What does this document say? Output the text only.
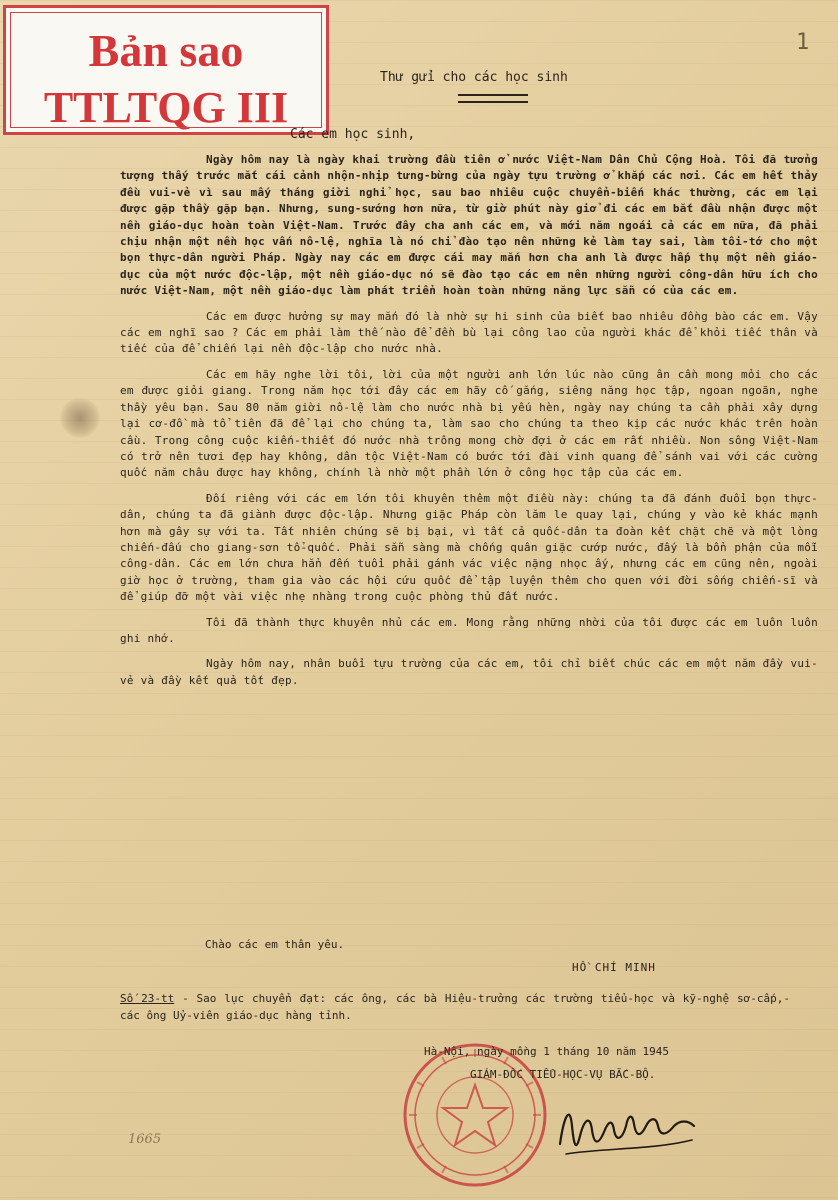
Bản sao
TTLTQG III
1
Thư gửi cho các học sinh
Các em học sinh,

Ngày hôm nay là ngày khai trường đầu tiên ở nước Việt-Nam Dân Chủ Cộng Hoà. Tôi đã tưởng tượng thấy trước mắt cái cảnh nhộn-nhịp tưng-bừng của ngày tựu trường ở khắp các nơi. Các em hết thảy đều vui-vẻ vì sau mấy tháng giời nghỉ học, sau bao nhiêu cuộc chuyển-biến khác thường, các em lại được gặp thầy gặp bạn. Nhưng, sung-sướng hơn nữa, từ giờ phút này giở đi các em bắt đầu nhận được một nền giáo-dục hoàn toàn Việt-Nam. Trước đây cha anh các em, và mới năm ngoái cả các em nữa, đã phải chịu nhận một nền học vấn nô-lệ, nghĩa là nó chỉ đào tạo nên những kẻ làm tay sai, làm tôi-tớ cho một bọn thực-dân người Pháp. Ngày nay các em được cái may mắn hơn cha anh là được hấp thụ một nền giáo-dục của một nước độc-lập, một nền giáo-dục nó sẽ đào tạo các em nên những người công-dân hữu ích cho nước Việt-Nam, một nền giáo-dục làm phát triển hoàn toàn những năng lực sẵn có của các em.

Các em được hưởng sự may mắn đó là nhờ sự hi sinh của biết bao nhiêu đồng bào các em. Vậy các em nghĩ sao ? Các em phải làm thế nào để đền bù lại công lao của người khác để khỏi tiếc thân và tiếc của để chiến lại nền độc-lập cho nước nhà.

Các em hãy nghe lời tôi, lời của một người anh lớn lúc nào cũng ân cần mong mỏi cho các em được giỏi giang. Trong năm học tới đây các em hãy cố gắng, siêng năng học tập, ngoan ngoãn, nghe thầy yêu bạn. Sau 80 năm giời nô-lệ làm cho nước nhà bị yếu hèn, ngày nay chúng ta cần phải xây dựng lại cơ-đồ mà tổ tiên đã để lại cho chúng ta, làm sao cho chúng ta theo kịp các nước khác trên hoàn cầu. Trong công cuộc kiến-thiết đó nước nhà trông mong chờ đợi ở các em rất nhiều. Non sông Việt-Nam có trở nên tươi đẹp hay không, dân tộc Việt-Nam có bước tới đài vinh quang để sánh vai với các cường quốc năm châu được hay không, chính là nhờ một phần lớn ở công học tập của các em.

Đối riêng với các em lớn tôi khuyên thêm một điều này: chúng ta đã đánh đuổi bọn thực-dân, chúng ta đã giành được độc-lập. Nhưng giặc Pháp còn lăm le quay lại, chúng y vào kẻ khác mạnh hơn mà gây sự với ta. Tất nhiên chúng sẽ bị bại, vì tất cả quốc-dân ta đoàn kết chặt chẽ và một lòng chiến-đấu cho giang-sơn tổ-quốc. Phải sẵn sàng mà chống quân giặc cướp nước, đấy là bổn phận của mỗi công-dân. Các em lớn chưa hẳn đến tuổi phải gánh vác việc nặng nhọc ấy, nhưng các em cũng nên, ngoài giờ học ở trường, tham gia vào các hội cứu quốc để tập luyện thêm cho quen với đời sống chiến-sĩ và để giúp đỡ một vài việc nhẹ nhàng trong cuộc phòng thủ đất nước.

Tôi đã thành thực khuyên nhủ các em. Mong rằng những nhời của tôi được các em luôn luôn ghi nhớ.

Ngày hôm nay, nhân buổi tựu trường của các em, tôi chỉ biết chúc các em một năm đầy vui-vẻ và đầy kết quả tốt đẹp.

Chào các em thân yêu.
HỒ CHÍ MINH
Số 23-tt - Sao lục chuyển đạt: các ông, các bà Hiệu-trưởng các trường tiểu-học và kỹ-nghệ sơ-cấp,- các ông Uỷ-viên giáo-dục hàng tỉnh.
Hà-Nội, ngày mồng 1 tháng 10 năm 1945
GIÁM-ĐỐC TIỂU-HỌC-VỤ BẮC-BỘ.
1665
